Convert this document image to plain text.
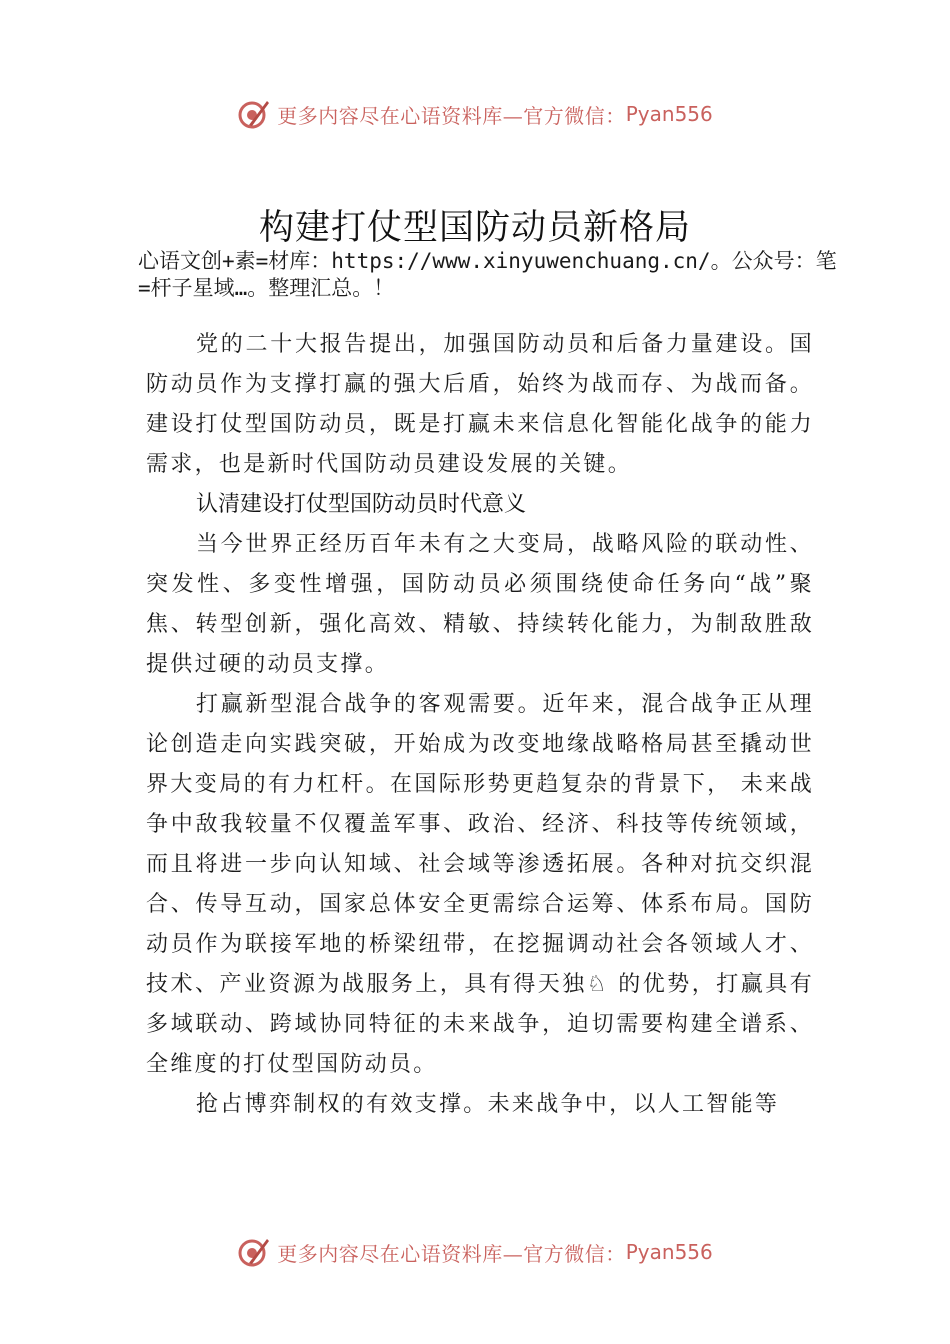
更多内容尽在心语资料库—官方微信： Pyan556
构建打仗型国防动员新格局
心语文创+素=材库：https://www.xinyuwenchuang.cn/。公众号：笔=杆子星域…。整理汇总。！

党的二十大报告提出，加强国防动员和后备力量建设。国防动员作为支撑打赢的强大后盾，始终为战而存、为战而备。建设打仗型国防动员，既是打赢未来信息化智能化战争的能力需求，也是新时代国防动员建设发展的关键。

认清建设打仗型国防动员时代意义

当今世界正经历百年未有之大变局，战略风险的联动性、突发性、多变性增强，国防动员必须围绕使命任务向“战”聚焦、转型创新，强化高效、精敏、持续转化能力，为制敌胜敌提供过硬的动员支撑。

打赢新型混合战争的客观需要。近年来，混合战争正从理论创造走向实践突破，开始成为改变地缘战略格局甚至撬动世界大变局的有力杠杆。在国际形势更趋复杂的背景下， 未来战争中敌我较量不仅覆盖军事、政治、经济、科技等传统领域，而且将进一步向认知域、社会域等渗透拓展。各种对抗交织混合、传导互动，国家总体安全更需综合运筹、体系布局。国防动员作为联接军地的桥梁纽带，在挖掘调动社会各领域人才、技术、产业资源为战服务上，具有得天独♘ 的优势，打赢具有多域联动、跨域协同特征的未来战争，迫切需要构建全谱系、全维度的打仗型国防动员。

抢占博弈制权的有效支撑。未来战争中，以人工智能等

更多内容尽在心语资料库—官方微信： Pyan556
